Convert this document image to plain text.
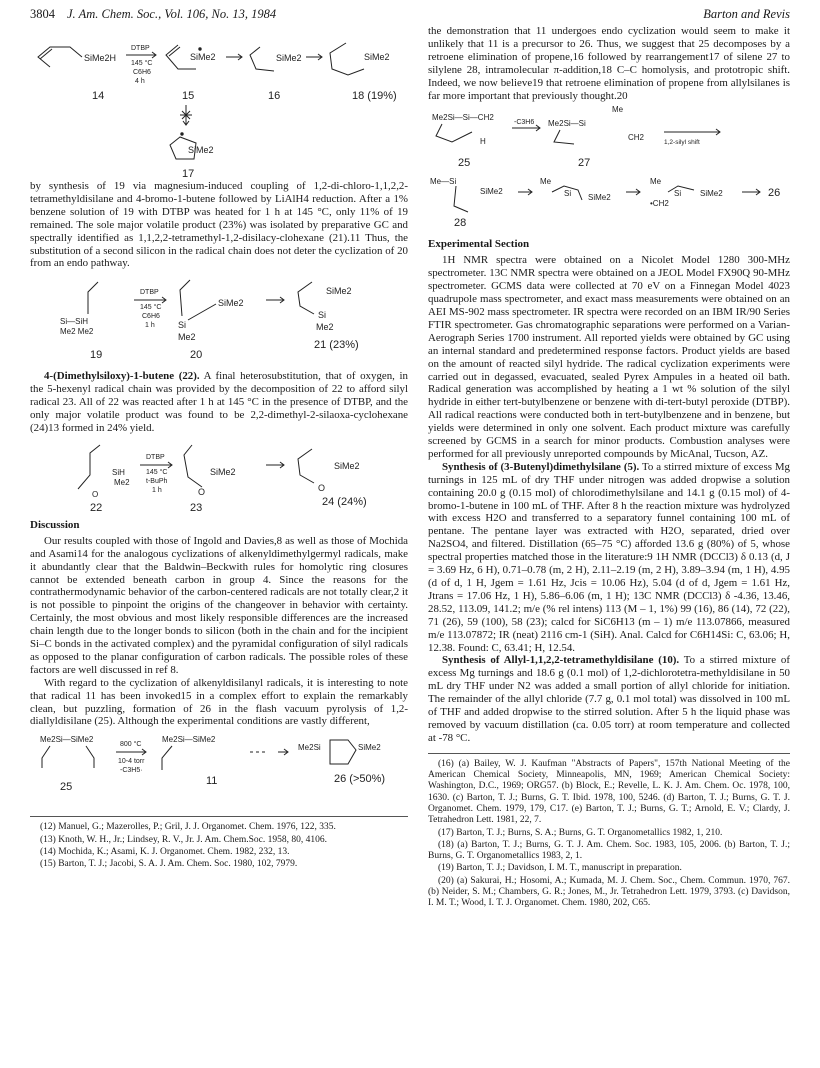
3804 J. Am. Chem. Soc., Vol. 106, No. 13, 1984	Barton and Revis
SiMe2H
DTBP
145 °C
C6H6
4 h
SiMe2	SiMe2	SiMe2
14	15	16	18 (19%)
SiMe2
17

by synthesis of 19 via magnesium-induced coupling of 1,2-di-chloro-1,1,2,2-tetramethyldisilane and 4-bromo-1-butene followed by LiAlH4 reduction. After a 1% benzene solution of 19 with DTBP was heated for 1 h at 145 °C, only 11% of 19 remained. The sole major volatile product (23%) was isolated by preparative GC and spectrally identified as 1,1,2,2-tetramethyl-1,2-disilacy-clohexane (21).11 Thus, the substitution of a second silicon in the radical chain does not deter the cyclization of 20 from an endo pathway.

Si—SiH
Me2 Me2
DTBP
145 °C
C6H6
1 h
SiMe2
Si
Me2
SiMe2
Si
Me2
19	20
21 (23%)

4-(Dimethylsiloxy)-1-butene (22). A final heterosubstitution, that of oxygen, in the 5-hexenyl radical chain was provided by the decomposition of 22 to afford silyl radical 23. All of 22 was reacted after 1 h at 145 °C in the presence of DTBP, and the only major volatile product was found to be 2,2-dimethyl-2-silaoxa-cyclohexane (24)13 formed in 24% yield.

SiH
Me2
O
DTBP
145 °C
t-BuPh
1 h
SiMe2
O
SiMe2
O
22	23	24 (24%)
Discussion

Our results coupled with those of Ingold and Davies,8 as well as those of Mochida and Asami14 for the analogous cyclizations of alkenyldimethylgermyl radicals, make it abundantly clear that the Baldwin–Beckwith rules for homolytic ring closures cannot be extended beneath carbon in group 4. Since the reasons for the contrathermodynamic behavior of the carbon-centered radicals are not totally clear,2 it is not possible to pinpoint the origins of the changeover in behavior with certainty. Certainly, the most obvious and most likely responsible differences are the increased chain length due to the longer bonds to silicon (both in the chain and for the incipient Si–C bonds in the activated complex) and the pyramidal configuration of silyl radicals as opposed to the planar configuration of carbon radicals. The possible roles of these factors are well discussed in ref 8.

With regard to the cyclization of alkenyldisilanyl radicals, it is interesting to note that radical 11 has been invoked15 in a complex effort to explain the remarkably clean, but puzzling, formation of 26 in the flash vacuum pyrolysis of 1,2-diallyldisilane (25). Although the experimental conditions are vastly different,

Me2Si—SiMe2
800 °C
10-4 torr
-C3H5·
Me2Si—SiMe2
Me2Si	SiMe2
25	11	26 (>50%)

(12) Manuel, G.; Mazerolles, P.; Gril, J. J. Organomet. Chem. 1976, 122, 335.

(13) Knoth, W. H., Jr.; Lindsey, R. V., Jr. J. Am. Chem.Soc. 1958, 80, 4106.

(14) Mochida, K.; Asami, K. J. Organomet. Chem. 1982, 232, 13.

(15) Barton, T. J.; Jacobi, S. A. J. Am. Chem. Soc. 1980, 102, 7979.

the demonstration that 11 undergoes endo cyclization would seem to make it unlikely that 11 is a precursor to 26. Thus, we suggest that 25 decomposes by a retroene elimination of propene,16 followed by rearrangement17 of silene 27 to silylene 28, intramolecular π-addition,18 C–C homolysis, and prototropic shift. Indeed, we now believe19 that retroene elimination of propene from allylsilanes is far more important that previously thought.20

Me2Si—Si—CH2
H
-C3H6
Me
Me2Si—Si
CH2
1,2-silyl shift
25	27
Me—Si
SiMe2
Me
Si SiMe2
Me
Si SiMe2
•CH2
26
28
Experimental Section

1H NMR spectra were obtained on a Nicolet Model 1280 300-MHz spectrometer. 13C NMR spectra were obtained on a JEOL Model FX90Q 90-MHz spectrometer. GCMS data were collected at 70 eV on a Finnegan Model 4023 quadrupole mass spectrometer, and exact mass measurements were obtained on an AEI MS-902 mass spectrometer. IR spectra were recorded on an IBM IR/90 Series FTIR spectrometer. Gas chromatographic separations were performed on a Varian-Aerograph Series 1700 instrument. All reported yields were obtained by GC using an internal standard and predetermined response factors. Product yields are based on the amount of reacted silyl hydride. The radical cyclization experiments were carried out in degassed, evacuated, sealed Pyrex Ampules in a heated oil bath. Radical generation was accomplished by heating a 1 wt % solution of the silyl hydride in either tert-butylbenzene or benzene with di-tert-butyl peroxide (DTBP). All radical reactions were conducted both in tert-butylbenzene and in benzene, but yields were determined in only one solvent. Each product mixture was carefully screened by GCMS in a search for minor products. Combustion analyses were performed for all previously unreported compounds by MicAnal, Tucson, AZ.

Synthesis of (3-Butenyl)dimethylsilane (5). To a stirred mixture of excess Mg turnings in 125 mL of dry THF under nitrogen was added dropwise a solution containing 20.0 g (0.15 mol) of chlorodimethylsilane and 14.1 g (0.15 mol) of 4-bromo-1-butene in 100 mL of THF. After 8 h the reaction mixture was hydrolyzed with excess H2O and transferred to a separatory funnel containing 100 mL of pentane. The pentane layer was extracted with H2O, separated, dried over Na2SO4, and filtered. Distillation (65–75 °C) afforded 13.6 g (80%) of 5, whose spectral properties matched those in the literature:9 1H NMR (DCCl3) δ 0.13 (d, J = 3.69 Hz, 6 H), 0.71–0.78 (m, 2 H), 2.11–2.19 (m, 2 H), 3.89–3.94 (m, 1 H), 4.95 (d of d, 1 H, Jgem = 1.61 Hz, Jcis = 10.06 Hz), 5.04 (d of d, Jgem = 1.61 Hz, Jtrans = 17.06 Hz, 1 H), 5.86–6.06 (m, 1 H); 13C NMR (DCCl3) δ -4.36, 13.46, 28.52, 113.09, 141.2; m/e (% rel intens) 113 (M – 1, 1%) 99 (16), 86 (14), 72 (22), 71 (26), 59 (100), 58 (23); calcd for SiC6H13 (m – 1) m/e 113.07866, measured m/e 113.07872; IR (neat) 2116 cm-1 (SiH). Anal. Calcd for C6H14Si: C, 63.06; H, 12.38. Found: C, 63.41; H, 12.54.

Synthesis of Allyl-1,1,2,2-tetramethyldisilane (10). To a stirred mixture of excess Mg turnings and 18.6 g (0.1 mol) of 1,2-dichlorotetra-methyldisilane in 50 mL dry THF under N2 was added a small portion of allyl chloride for initiation. The remainder of the allyl chloride (7.7 g, 0.1 mol total) was dissolved in 100 mL of THF and added dropwise to the stirred solution. After 5 h the liquid phase was removed by vacuum distillation (ca. 0.05 torr) at room temperature and collected at -78 °C.

(16) (a) Bailey, W. J. Kaufman "Abstracts of Papers", 157th National Meeting of the American Chemical Society, Minneapolis, MN, 1969; American Chemical Society: Washington, D.C., 1969; ORG57. (b) Block, E.; Revelle, L. K. J. Am. Chem. Oc. 1978, 100, 1630. (c) Barton, T. J.; Burns, G. T. Ibid. 1978, 100, 5246. (d) Barton, T. J.; Burns, G. T. J. Organomet. Chem. 1979, 179, C17. (e) Barton, T. J.; Burns, G. T.; Arnold, E. V.; Clardy, J. Tetrahedron Lett. 1981, 22, 7.

(17) Barton, T. J.; Burns, S. A.; Burns, G. T. Organometallics 1982, 1, 210.

(18) (a) Barton, T. J.; Burns, G. T. J. Am. Chem. Soc. 1983, 105, 2006. (b) Barton, T. J.; Burns, G. T. Organometallics 1983, 2, 1.

(19) Barton, T. J.; Davidson, I. M. T., manuscript in preparation.

(20) (a) Sakurai, H.; Hosomi, A.; Kumada, M. J. Chem. Soc., Chem. Commun. 1970, 767. (b) Neider, S. M.; Chambers, G. R.; Jones, M., Jr. Tetrahedron Lett. 1979, 3793. (c) Davidson, I. M. T.; Wood, I. T. J. Organomet. Chem. 1980, 202, C65.
